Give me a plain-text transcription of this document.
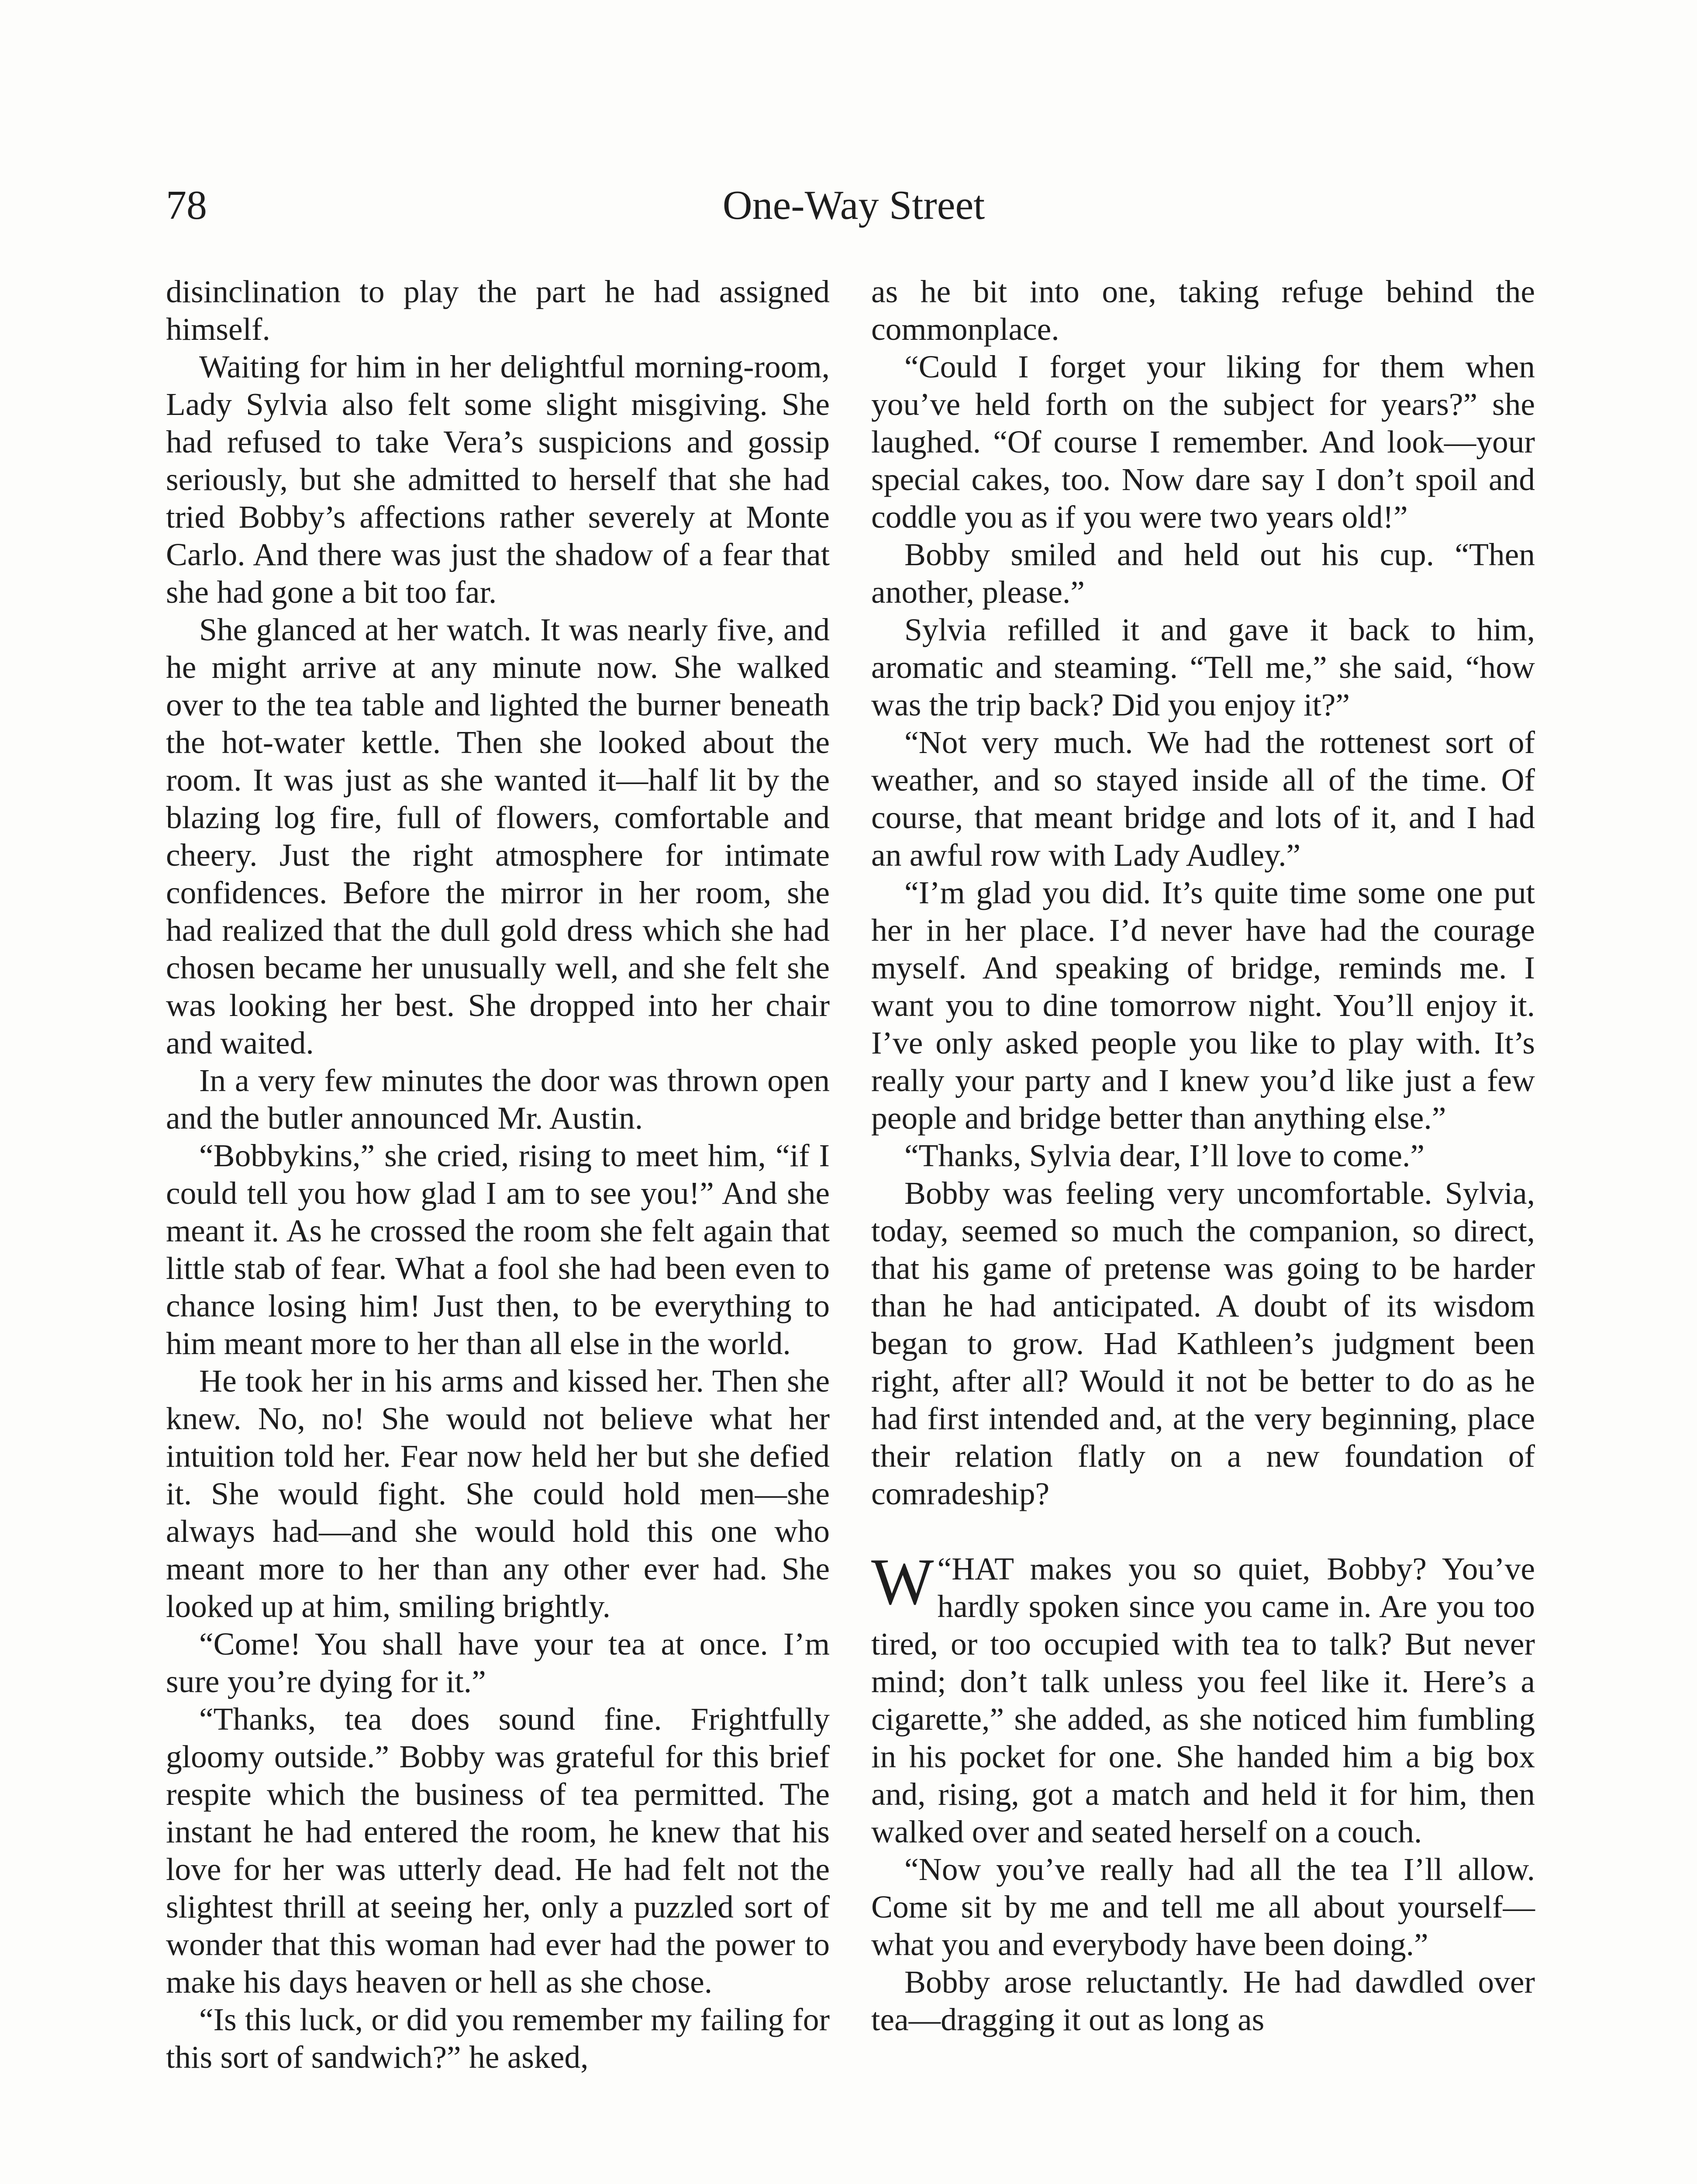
78	One-Way Street

disinclination to play the part he had assigned himself.

Waiting for him in her delightful morning-room, Lady Sylvia also felt some slight misgiving. She had refused to take Vera’s suspicions and gossip seriously, but she admitted to herself that she had tried Bobby’s affections rather severely at Monte Carlo. And there was just the shadow of a fear that she had gone a bit too far.

She glanced at her watch. It was nearly five, and he might arrive at any minute now. She walked over to the tea table and lighted the burner beneath the hot-water kettle. Then she looked about the room. It was just as she wanted it—half lit by the blazing log fire, full of flowers, comfortable and cheery. Just the right atmosphere for intimate confidences. Before the mirror in her room, she had realized that the dull gold dress which she had chosen became her unusually well, and she felt she was looking her best. She dropped into her chair and waited.

In a very few minutes the door was thrown open and the butler announced Mr. Austin.

“Bobbykins,” she cried, rising to meet him, “if I could tell you how glad I am to see you!” And she meant it. As he crossed the room she felt again that little stab of fear. What a fool she had been even to chance losing him! Just then, to be everything to him meant more to her than all else in the world.

He took her in his arms and kissed her. Then she knew. No, no! She would not believe what her intuition told her. Fear now held her but she defied it. She would fight. She could hold men—she always had—and she would hold this one who meant more to her than any other ever had. She looked up at him, smiling brightly.

“Come! You shall have your tea at once. I’m sure you’re dying for it.”

“Thanks, tea does sound fine. Frightfully gloomy outside.” Bobby was grateful for this brief respite which the business of tea permitted. The instant he had entered the room, he knew that his love for her was utterly dead. He had felt not the slightest thrill at seeing her, only a puzzled sort of wonder that this woman had ever had the power to make his days heaven or hell as she chose.

“Is this luck, or did you remember my failing for this sort of sandwich?” he asked,

as he bit into one, taking refuge behind the commonplace.

“Could I forget your liking for them when you’ve held forth on the subject for years?” she laughed. “Of course I remember. And look—your special cakes, too. Now dare say I don’t spoil and coddle you as if you were two years old!”

Bobby smiled and held out his cup. “Then another, please.”

Sylvia refilled it and gave it back to him, aromatic and steaming. “Tell me,” she said, “how was the trip back? Did you enjoy it?”

“Not very much. We had the rottenest sort of weather, and so stayed inside all of the time. Of course, that meant bridge and lots of it, and I had an awful row with Lady Audley.”

“I’m glad you did. It’s quite time some one put her in her place. I’d never have had the courage myself. And speaking of bridge, reminds me. I want you to dine tomorrow night. You’ll enjoy it. I’ve only asked people you like to play with. It’s really your party and I knew you’d like just a few people and bridge better than anything else.”

“Thanks, Sylvia dear, I’ll love to come.”

Bobby was feeling very uncomfortable. Sylvia, today, seemed so much the companion, so direct, that his game of pretense was going to be harder than he had anticipated. A doubt of its wisdom began to grow. Had Kathleen’s judgment been right, after all? Would it not be better to do as he had first intended and, at the very beginning, place their relation flatly on a new foundation of comradeship?

“
W HAT makes you so quiet, Bobby? You’ve hardly spoken since you came in. Are you too tired, or too occupied with tea to talk? But never mind; don’t talk unless you feel like it. Here’s a cigarette,” she added, as she noticed him fumbling in his pocket for one. She handed him a big box and, rising, got a match and held it for him, then walked over and seated herself on a couch.

“Now you’ve really had all the tea I’ll allow. Come sit by me and tell me all about yourself—what you and everybody have been doing.”

Bobby arose reluctantly. He had dawdled over tea—dragging it out as long as
